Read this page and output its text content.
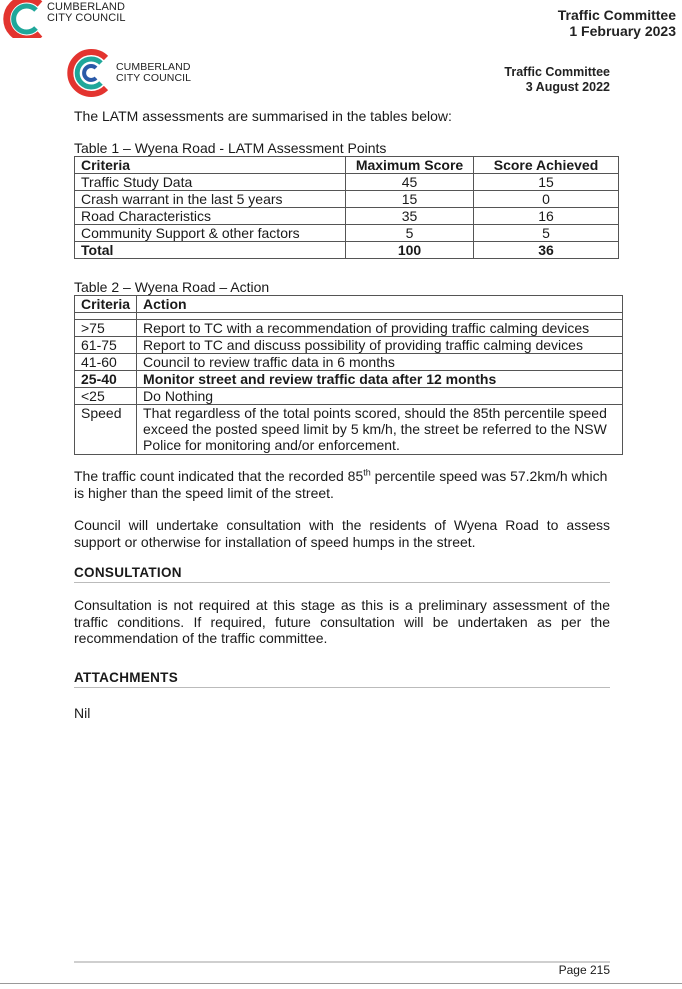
CUMBERLAND
CITY COUNCIL	Traffic Committee
1 February 2023
CUMBERLAND
CITY COUNCIL	Traffic Committee
3 August 2022
The LATM assessments are summarised in the tables below:
Table 1 – Wyena Road - LATM Assessment Points
Criteria	Maximum Score	Score Achieved
Traffic Study Data	45	15
Crash warrant in the last 5 years	15	0
Road Characteristics	35	16
Community Support & other factors	5	5
Total	100	36
Table 2 – Wyena Road – Action
Criteria	Action

>75	Report to TC with a recommendation of providing traffic calming devices
61-75	Report to TC and discuss possibility of providing traffic calming devices
41-60	Council to review traffic data in 6 months
25-40	Monitor street and review traffic data after 12 months
<25	Do Nothing
Speed	That regardless of the total points scored, should the 85th percentile speed exceed the posted speed limit by 5 km/h, the street be referred to the NSW Police for monitoring and/or enforcement.
The traffic count indicated that the recorded 85th percentile speed was 57.2km/h which is higher than the speed limit of the street.
Council will undertake consultation with the residents of Wyena Road to assess support or otherwise for installation of speed humps in the street.
CONSULTATION
Consultation is not required at this stage as this is a preliminary assessment of the traffic conditions. If required, future consultation will be undertaken as per the recommendation of the traffic committee.
ATTACHMENTS
Nil
Page 215
